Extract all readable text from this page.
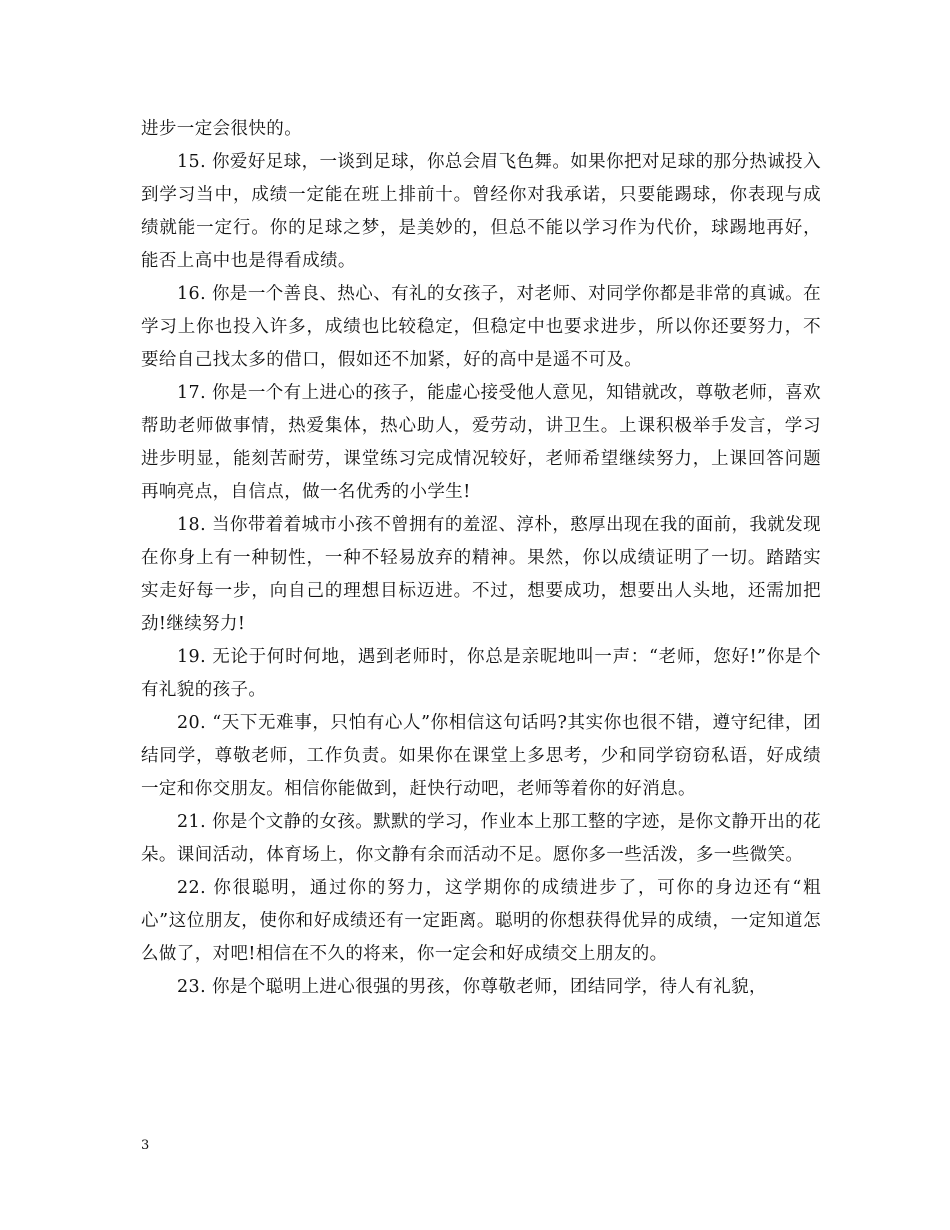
进步一定会很快的。

15. 你爱好足球，一谈到足球，你总会眉飞色舞。如果你把对足球的那分热诚投入到学习当中，成绩一定能在班上排前十。曾经你对我承诺，只要能踢球，你表现与成绩就能一定行。你的足球之梦，是美妙的，但总不能以学习作为代价，球踢地再好，能否上高中也是得看成绩。

16. 你是一个善良、热心、有礼的女孩子，对老师、对同学你都是非常的真诚。在学习上你也投入许多，成绩也比较稳定，但稳定中也要求进步，所以你还要努力，不要给自己找太多的借口，假如还不加紧，好的高中是遥不可及。

17. 你是一个有上进心的孩子，能虚心接受他人意见，知错就改，尊敬老师，喜欢帮助老师做事情，热爱集体，热心助人，爱劳动，讲卫生。上课积极举手发言，学习进步明显，能刻苦耐劳，课堂练习完成情况较好，老师希望继续努力，上课回答问题再响亮点，自信点，做一名优秀的小学生!

18. 当你带着着城市小孩不曾拥有的羞涩、淳朴，憨厚出现在我的面前，我就发现在你身上有一种韧性，一种不轻易放弃的精神。果然，你以成绩证明了一切。踏踏实实走好每一步，向自己的理想目标迈进。不过，想要成功，想要出人头地，还需加把劲!继续努力!

19. 无论于何时何地，遇到老师时，你总是亲昵地叫一声：“老师，您好!”你是个有礼貌的孩子。

20. “天下无难事，只怕有心人”你相信这句话吗?其实你也很不错，遵守纪律，团结同学，尊敬老师，工作负责。如果你在课堂上多思考，少和同学窃窃私语，好成绩一定和你交朋友。相信你能做到，赶快行动吧，老师等着你的好消息。

21. 你是个文静的女孩。默默的学习，作业本上那工整的字迹，是你文静开出的花朵。课间活动，体育场上，你文静有余而活动不足。愿你多一些活泼，多一些微笑。

22. 你很聪明，通过你的努力，这学期你的成绩进步了，可你的身边还有“粗心”这位朋友，使你和好成绩还有一定距离。聪明的你想获得优异的成绩，一定知道怎么做了，对吧!相信在不久的将来，你一定会和好成绩交上朋友的。

23. 你是个聪明上进心很强的男孩，你尊敬老师，团结同学，待人有礼貌，

3
